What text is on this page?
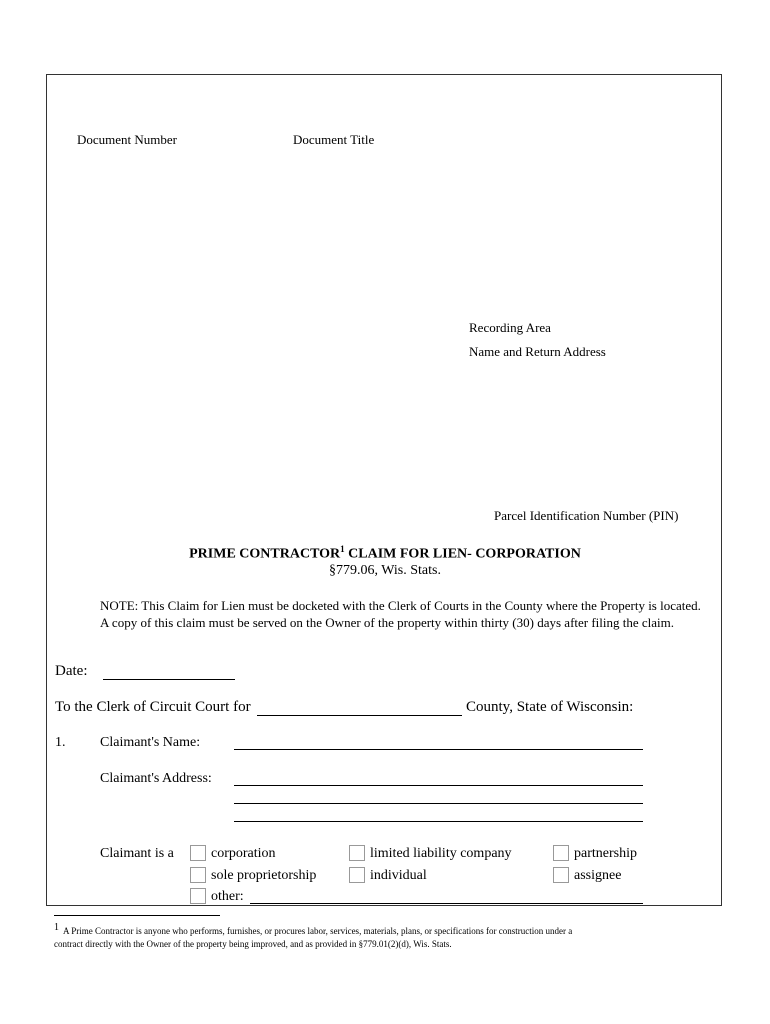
Document Number	Document Title
Recording Area
Name and Return Address
Parcel Identification Number (PIN)
PRIME CONTRACTOR$^1$ CLAIM FOR LIEN- CORPORATION
§779.06, Wis. Stats.
NOTE: This Claim for Lien must be docketed with the Clerk of Courts in the County where the Property is located. A copy of this claim must be served on the Owner of the property within thirty (30) days after filing the claim.
Date:
To the Clerk of Circuit Court for	County, State of Wisconsin:
1. Claimant's Name:
Claimant's Address:
Claimant is a	corporation	limited liability company	partnership
sole proprietorship	individual	assignee
other:
1 A Prime Contractor is anyone who performs, furnishes, or procures labor, services, materials, plans, or specifications for construction under a
contract directly with the Owner of the property being improved, and as provided in §779.01(2)(d), Wis. Stats.
